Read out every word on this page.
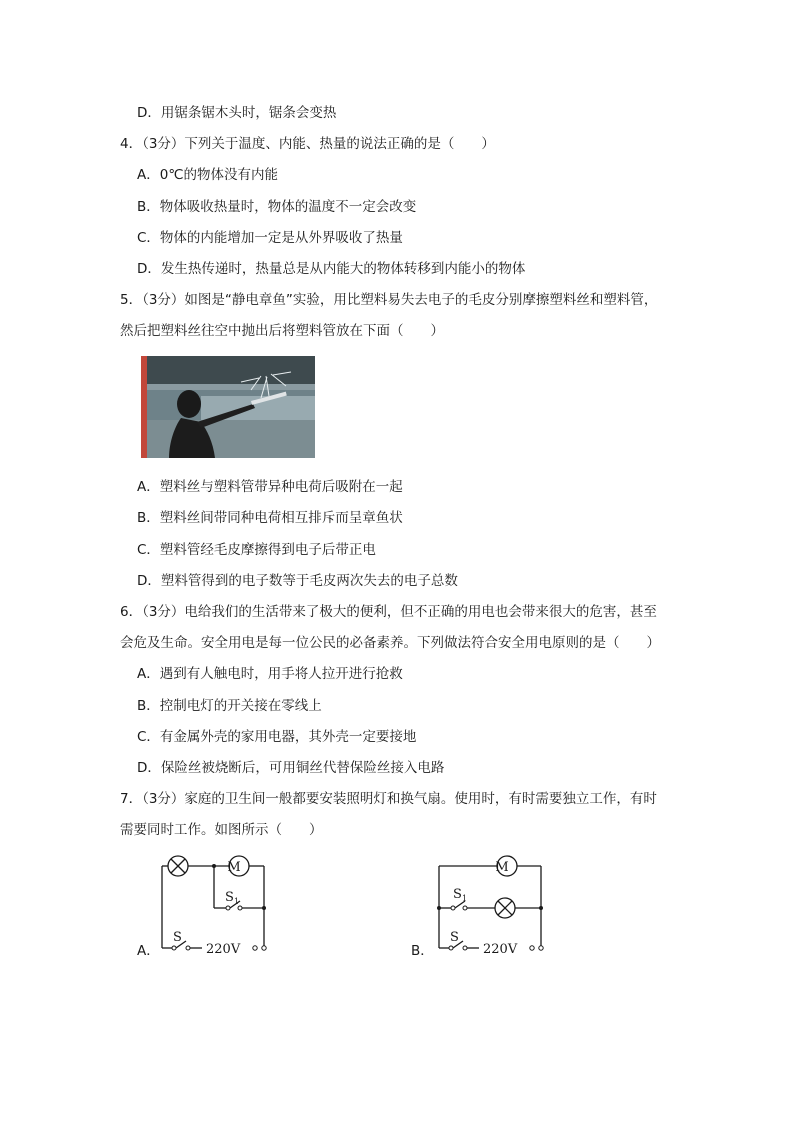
D．用锯条锯木头时，锯条会变热
4．（3分）下列关于温度、内能、热量的说法正确的是（　　）
A．0℃的物体没有内能
B．物体吸收热量时，物体的温度不一定会改变
C．物体的内能增加一定是从外界吸收了热量
D．发生热传递时，热量总是从内能大的物体转移到内能小的物体
5．（3分）如图是“静电章鱼”实验，用比塑料易失去电子的毛皮分别摩擦塑料丝和塑料管，
然后把塑料丝往空中抛出后将塑料管放在下面（　　）
A．塑料丝与塑料管带异种电荷后吸附在一起
B．塑料丝间带同种电荷相互排斥而呈章鱼状
C．塑料管经毛皮摩擦得到电子后带正电
D．塑料管得到的电子数等于毛皮两次失去的电子总数
6．（3分）电给我们的生活带来了极大的便利，但不正确的用电也会带来很大的危害，甚至
会危及生命。安全用电是每一位公民的必备素养。下列做法符合安全用电原则的是（　　）
A．遇到有人触电时，用手将人拉开进行抢救
B．控制电灯的开关接在零线上
C．有金属外壳的家用电器，其外壳一定要接地
D．保险丝被烧断后，可用铜丝代替保险丝接入电路
7．（3分）家庭的卫生间一般都要安装照明灯和换气扇。使用时，有时需要独立工作，有时
需要同时工作。如图所示（　　）
A．
M
S 1
S
220V	B．
M
S 1
S
220V
